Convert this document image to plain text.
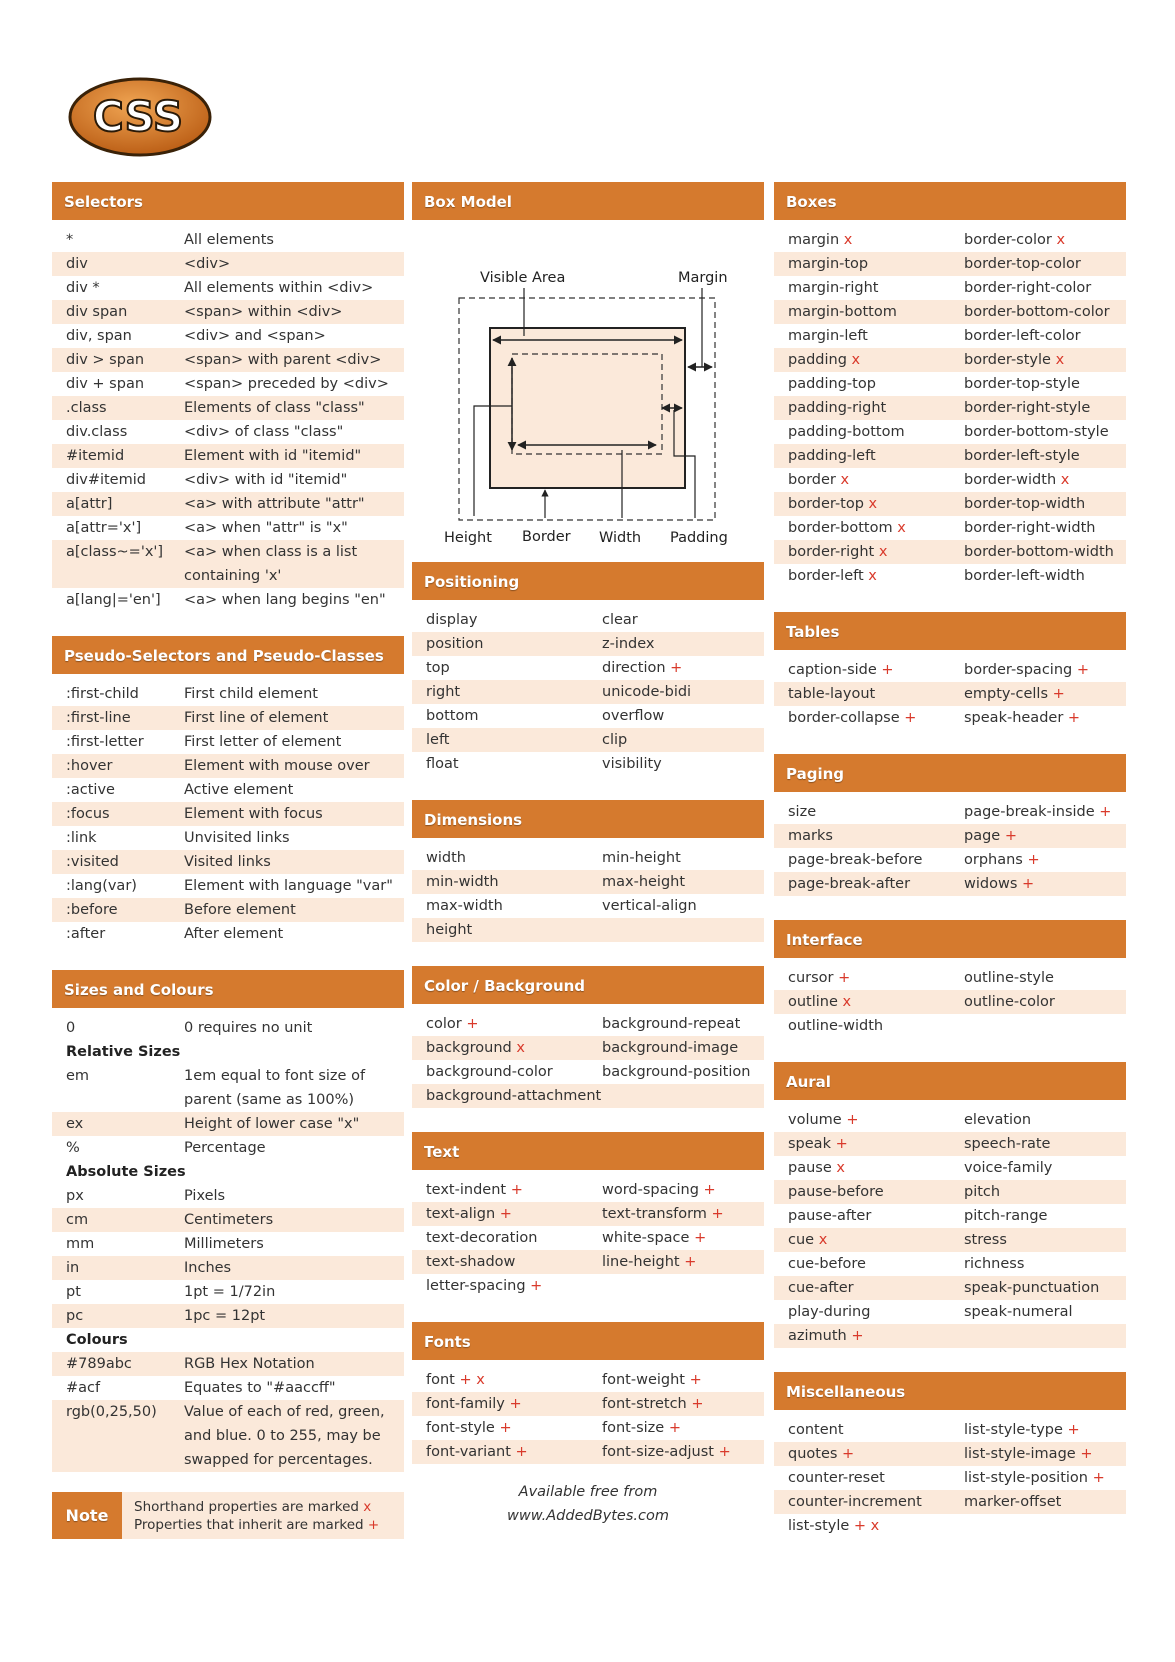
CSS
Selectors
*	All elements
div	<div>
div *	All elements within <div>
div span	<span> within <div>
div, span	<div> and <span>
div > span	<span> with parent <div>
div + span	<span> preceded by <div>
.class	Elements of class "class"
div.class	<div> of class "class"
#itemid	Element with id "itemid"
div#itemid	<div> with id "itemid"
a[attr]	<a> with attribute "attr"
a[attr='x']	<a> when "attr" is "x"
a[class~='x']	<a> when class is a list containing 'x'
a[lang|='en']	<a> when lang begins "en"
Pseudo-Selectors and Pseudo-Classes
:first-child	First child element
:first-line	First line of element
:first-letter	First letter of element
:hover	Element with mouse over
:active	Active element
:focus	Element with focus
:link	Unvisited links
:visited	Visited links
:lang(var)	Element with language "var"
:before	Before element
:after	After element
Sizes and Colours
0	0 requires no unit
Relative Sizes
em	1em equal to font size of parent (same as 100%)
ex	Height of lower case "x"
%	Percentage
Absolute Sizes
px	Pixels
cm	Centimeters
mm	Millimeters
in	Inches
pt	1pt = 1/72in
pc	1pc = 12pt
Colours
#789abc	RGB Hex Notation
#acf	Equates to "#aaccff"
rgb(0,25,50)	Value of each of red, green, and blue. 0 to 255, may be swapped for percentages.
Note	Shorthand properties are marked x
Properties that inherit are marked +
Box Model
Visible Area	Margin
Height Border Width Padding
Positioning
display	clear
position	z-index
top	direction +
right	unicode-bidi
bottom	overflow
left	clip
float	visibility
Dimensions
width	min-height
min-width	max-height
max-width	vertical-align
height
Color / Background
color +	background-repeat
background x	background-image
background-color	background-position
background-attachment
Text
text-indent +	word-spacing +
text-align +	text-transform +
text-decoration	white-space +
text-shadow	line-height +
letter-spacing +
Fonts
font + x	font-weight +
font-family +	font-stretch +
font-style +	font-size +
font-variant +	font-size-adjust +
Available free from
www.AddedBytes.com
Boxes
margin x	border-color x
margin-top	border-top-color
margin-right	border-right-color
margin-bottom	border-bottom-color
margin-left	border-left-color
padding x	border-style x
padding-top	border-top-style
padding-right	border-right-style
padding-bottom	border-bottom-style
padding-left	border-left-style
border x	border-width x
border-top x	border-top-width
border-bottom x	border-right-width
border-right x	border-bottom-width
border-left x	border-left-width
Tables
caption-side +	border-spacing +
table-layout	empty-cells +
border-collapse +	speak-header +
Paging
size	page-break-inside +
marks	page +
page-break-before	orphans +
page-break-after	widows +
Interface
cursor +	outline-style
outline x	outline-color
outline-width
Aural
volume +	elevation
speak +	speech-rate
pause x	voice-family
pause-before	pitch
pause-after	pitch-range
cue x	stress
cue-before	richness
cue-after	speak-punctuation
play-during	speak-numeral
azimuth +
Miscellaneous
content	list-style-type +
quotes +	list-style-image +
counter-reset	list-style-position +
counter-increment	marker-offset
list-style + x
